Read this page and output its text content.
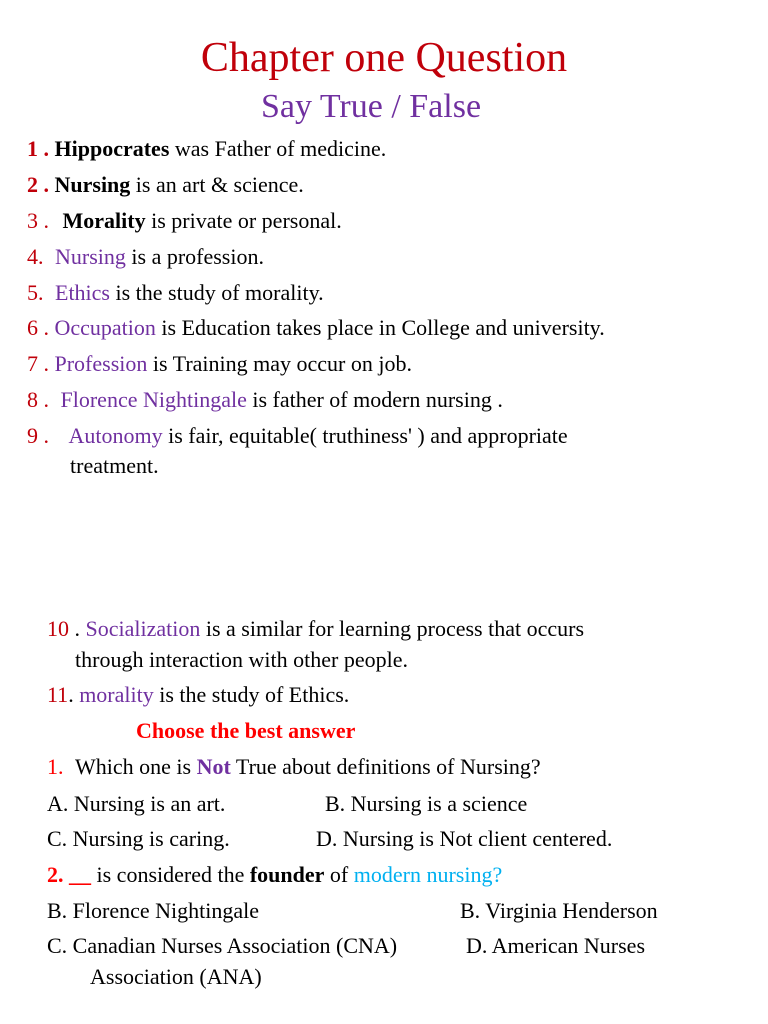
Chapter one Question
Say True / False
1 . Hippocrates was Father of medicine.
2 . Nursing is an art & science.
3 . Morality is private or personal.
4. Nursing is a profession.
5. Ethics is the study of morality.
6 . Occupation is Education takes place in College and university.
7 . Profession is Training may occur on job.
8 . Florence Nightingale is father of modern nursing .
9 . Autonomy is fair, equitable( truthiness' ) and appropriate
treatment.
10 . Socialization is a similar for learning process that occurs
through interaction with other people.
11. morality is the study of Ethics.
Choose the best answer
1. Which one is Not True about definitions of Nursing?
A. Nursing is an art.	B. Nursing is a science
C. Nursing is caring.	D. Nursing is Not client centered.
2. __ is considered the founder of modern nursing?
B. Florence Nightingale	B. Virginia Henderson
C. Canadian Nurses Association (CNA)	D. American Nurses
Association (ANA)
